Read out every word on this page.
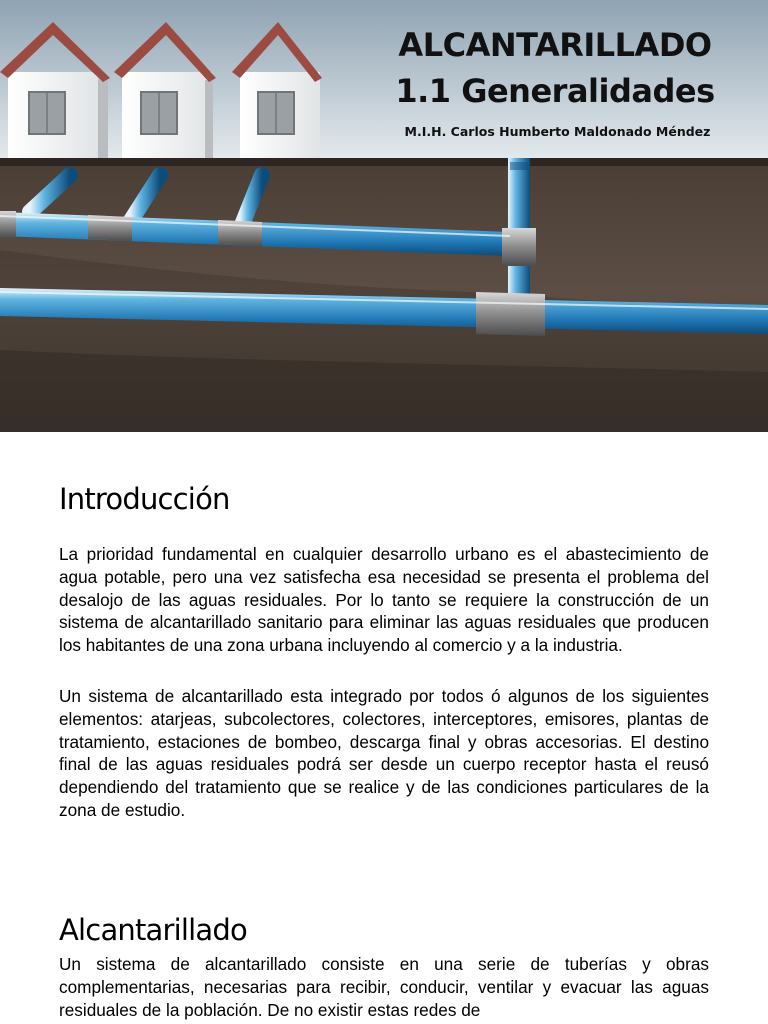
ALCANTARILLADO
1.1 Generalidades
M.I.H. Carlos Humberto Maldonado Méndez
Introducción

La prioridad fundamental en cualquier desarrollo urbano es el abastecimiento de agua potable, pero una vez satisfecha esa necesidad se presenta el problema del desalojo de las aguas residuales. Por lo tanto se requiere la construcción de un sistema de alcantarillado sanitario para eliminar las aguas residuales que producen los habitantes de una zona urbana incluyendo al comercio y a la industria.

Un sistema de alcantarillado esta integrado por todos ó algunos de los siguientes elementos: atarjeas, subcolectores, colectores, interceptores, emisores, plantas de tratamiento, estaciones de bombeo, descarga final y obras accesorias. El destino final de las aguas residuales podrá ser desde un cuerpo receptor hasta el reusó dependiendo del tratamiento que se realice y de las condiciones particulares de la zona de estudio.

Alcantarillado

Un sistema de alcantarillado consiste en una serie de tuberías y obras complementarias, necesarias para recibir, conducir, ventilar y evacuar las aguas residuales de la población. De no existir estas redes de
